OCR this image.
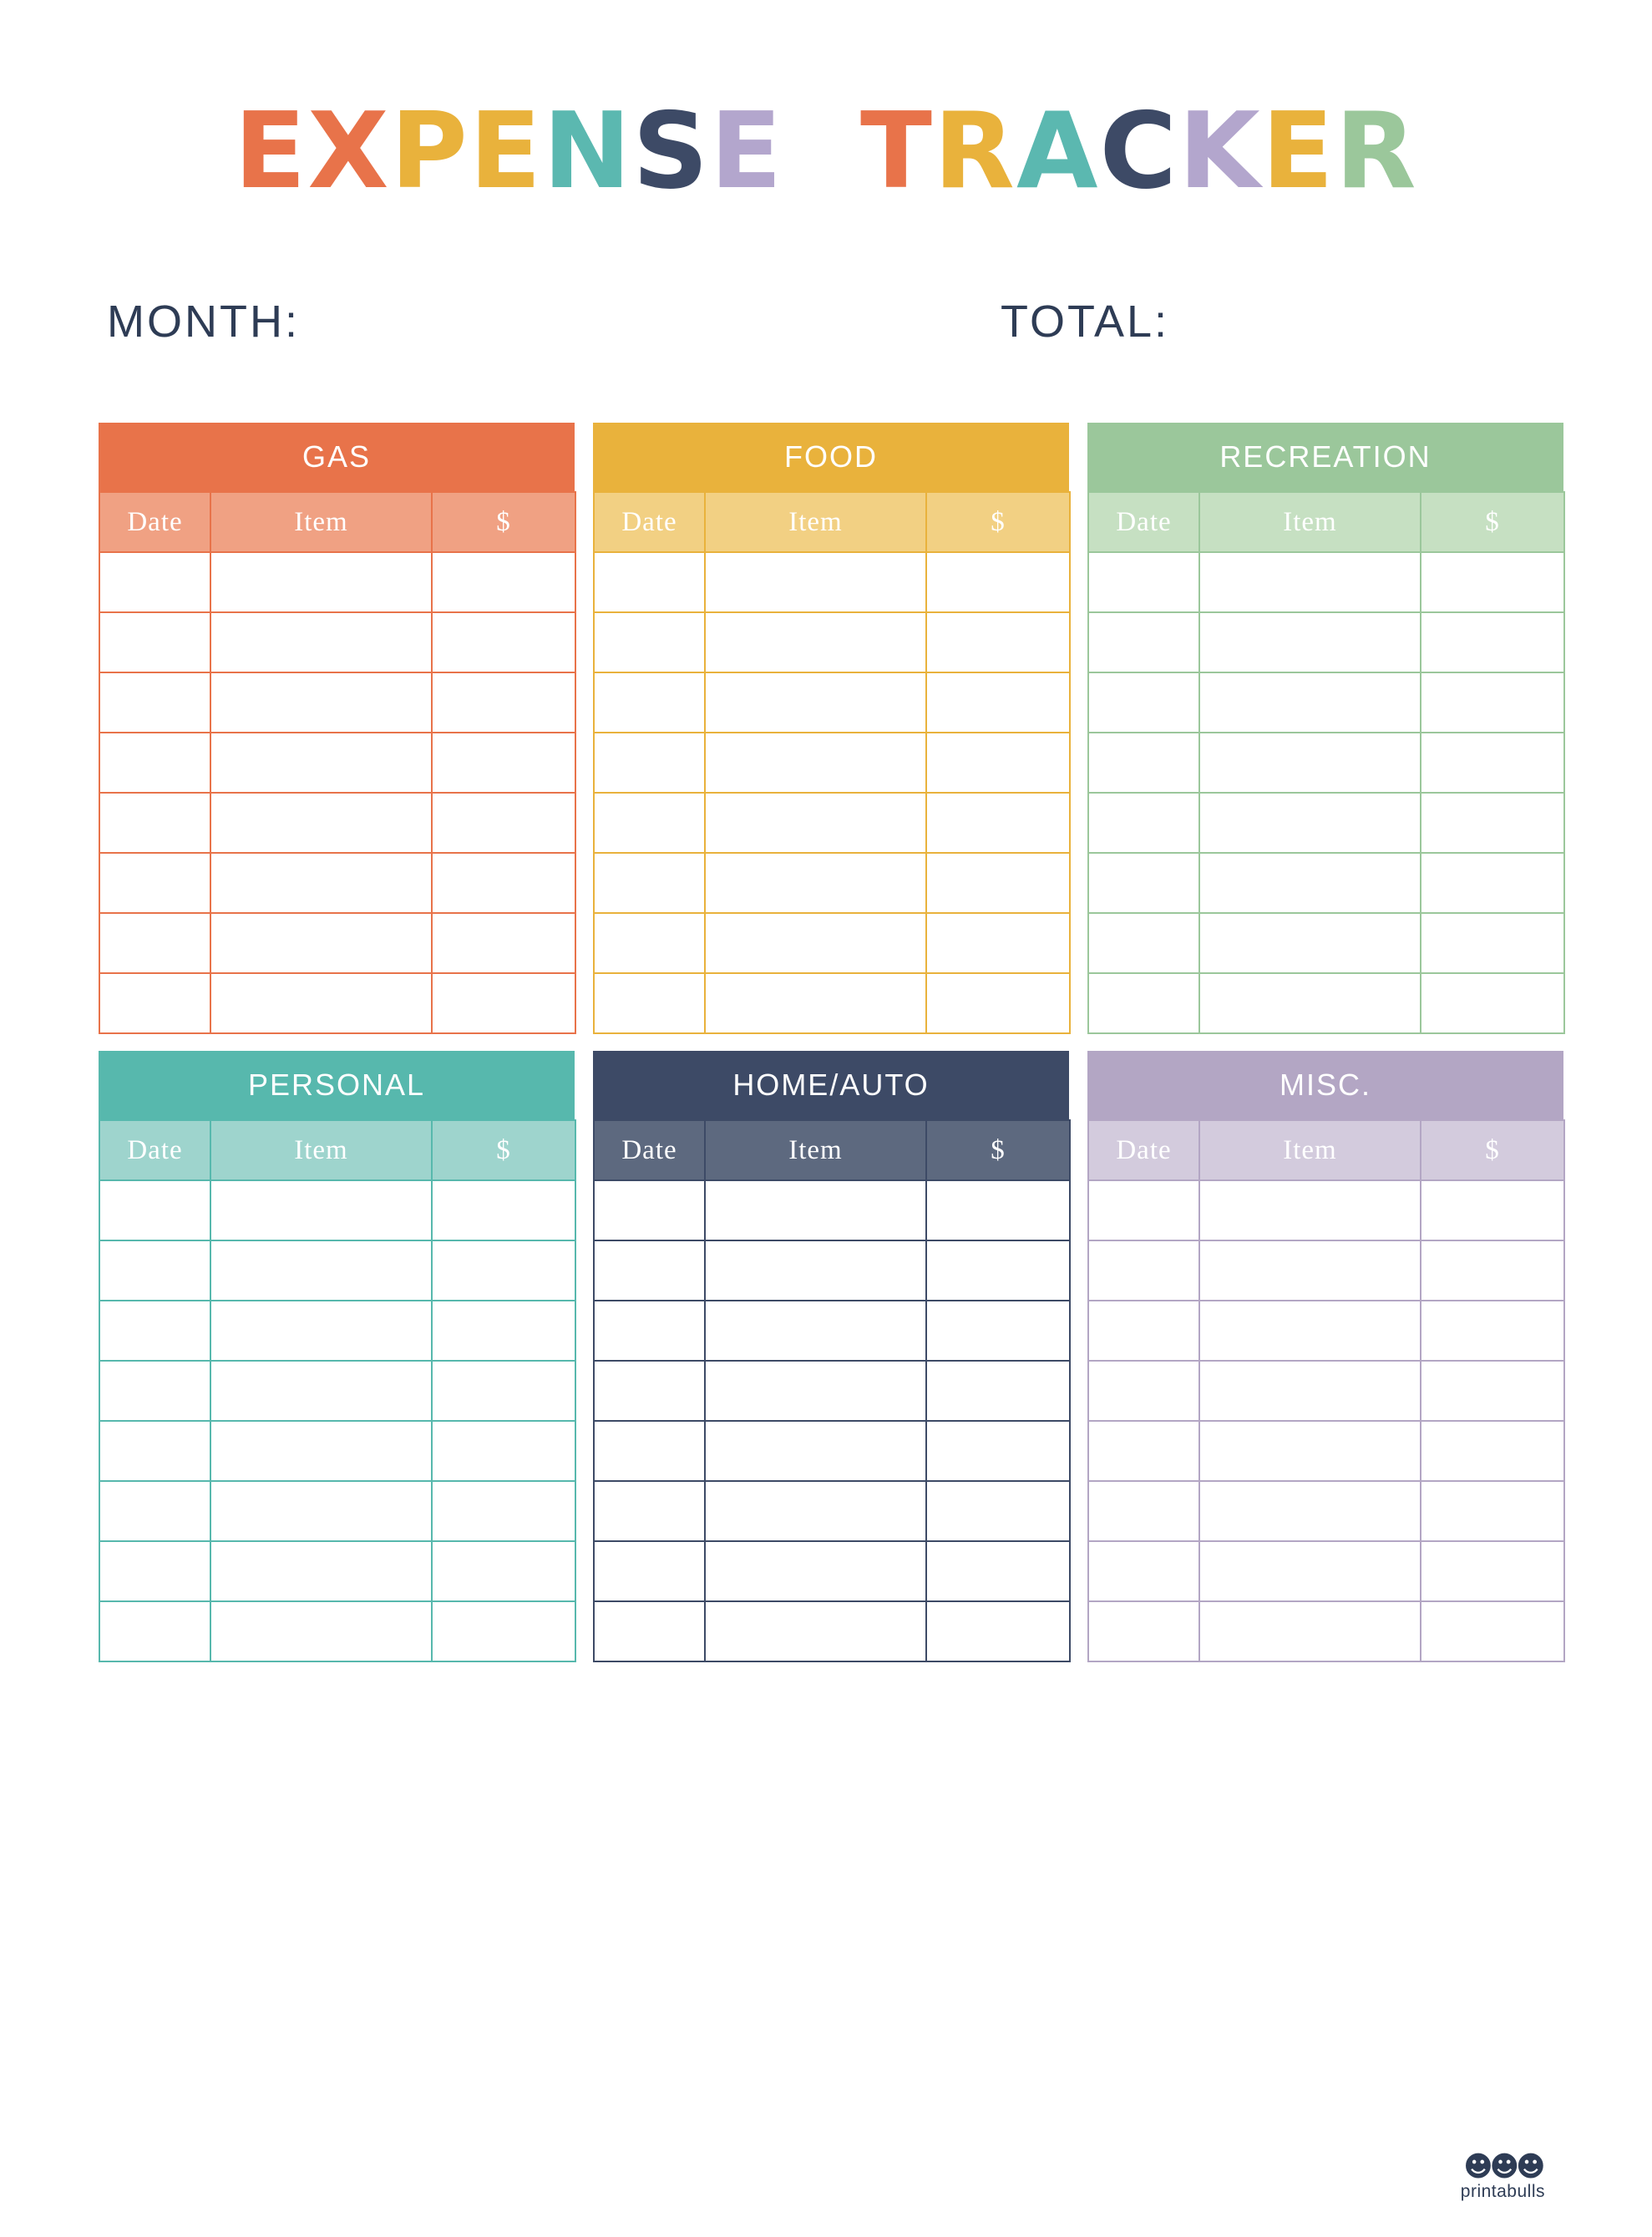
EXPENSE TRACKER
MONTH:	TOTAL:
GAS
Date	Item	$

FOOD
Date	Item	$

RECREATION
Date	Item	$

PERSONAL
Date	Item	$

HOME/AUTO
Date	Item	$

MISC.
Date	Item	$

☻☻☻
printabulls
